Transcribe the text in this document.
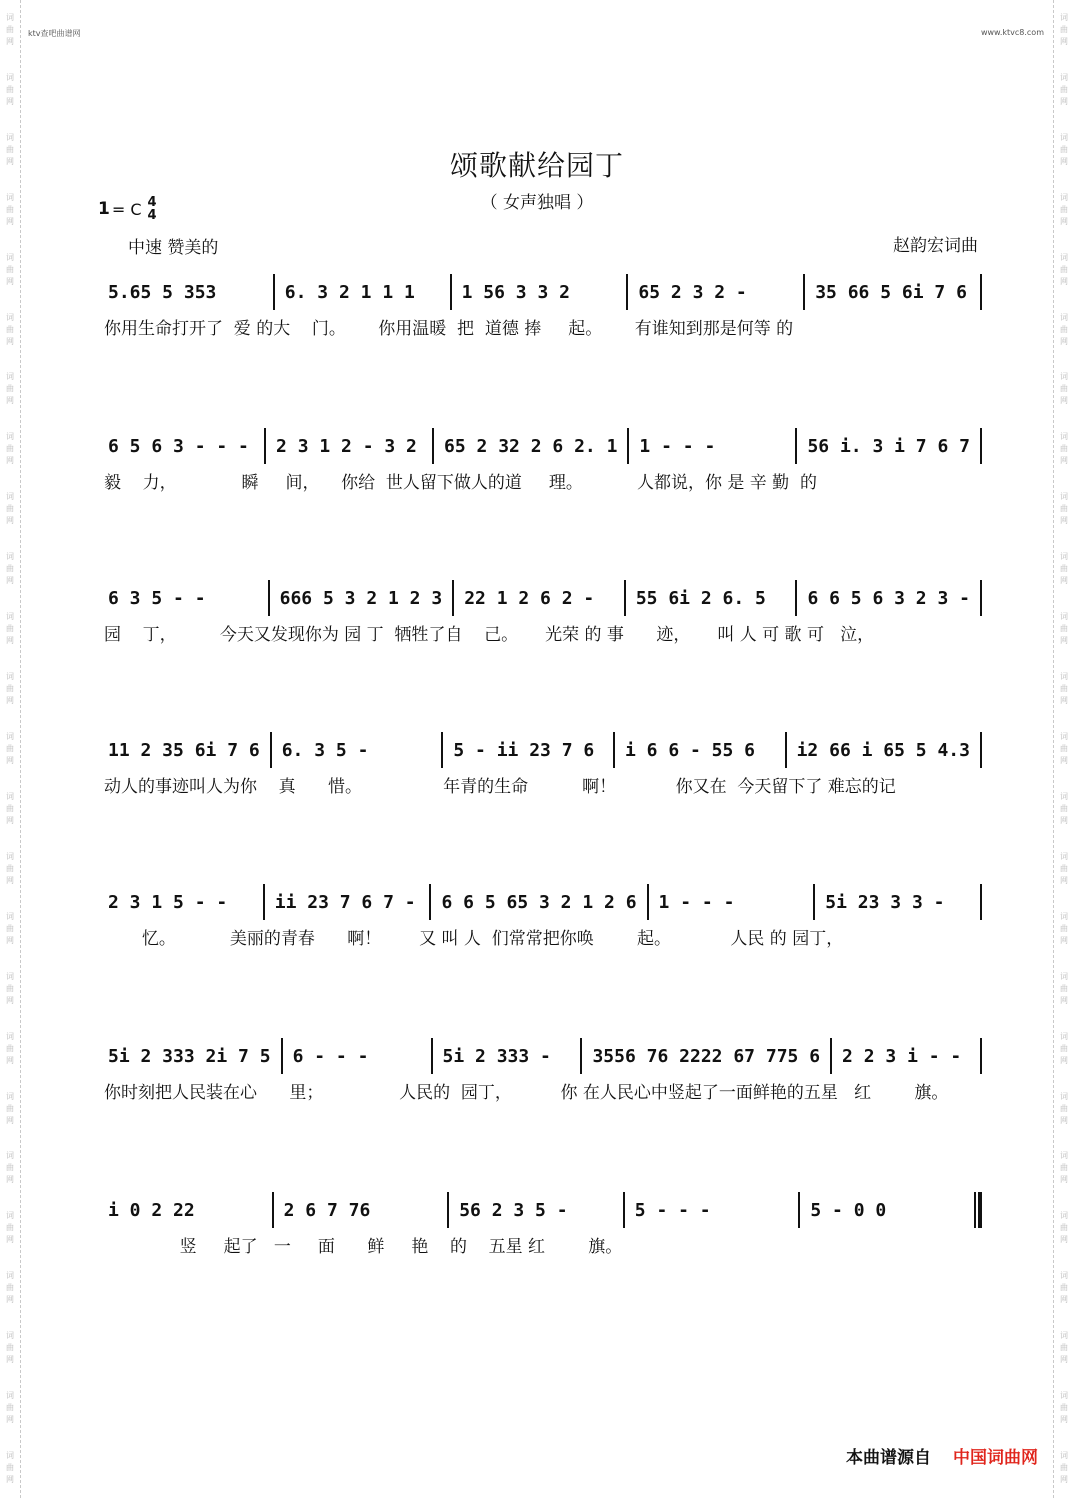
词
曲
网
词
曲
网
词
曲
网
词
曲
网
词
曲
网
词
曲
网
词
曲
网
词
曲
网
词
曲
网
词
曲
网
词
曲
网
词
曲
网
词
曲
网
词
曲
网
词
曲
网
词
曲
网
词
曲
网
词
曲
网
词
曲
网
词
曲
网
词
曲
网
词
曲
网
词
曲
网
词
曲
网
词
曲
网
词
曲
网
词
曲
网
词
曲
网
词
曲
网
词
曲
网
词
曲
网
词
曲
网
词
曲
网
词
曲
网
词
曲
网
词
曲
网
词
曲
网
词
曲
网
词
曲
网
词
曲
网
词
曲
网
词
曲
网
词
曲
网
词
曲
网
词
曲
网
词
曲
网
词
曲
网
词
曲
网
词
曲
网
词
曲
网
ktv查吧曲谱网	www.ktvc8.com
颂歌献给园丁
（ 女声独唱 ）
1 = C 4
4
中速 赞美的	赵韵宏词曲
5.65 5 353	6. 3 2 1 1 1	1 56 3 3 2	65 2 3 2 -	35 66 5 6i 7 6
你用生命打开了  爱 的大    门。      你用温暖  把  道德 捧     起。      有谁知到那是何等 的
6 5 6 3 - - -	2 3 1 2 - 3 2	65 2 32 2 6 2. 1	1 - - -	56 i. 3 i 7 6 7
毅    力，            瞬     间，    你给  世人留下做人的道     理。          人都说，你 是 辛 勤  的
6 3 5 - -	666 5 3 2 1 2 3	22 1 2 6 2 -	55 6i 2 6. 5	6 6 5 6 3 2 3 -
园    丁，        今天又发现你为 园 丁  牺牲了自    己。     光荣 的 事      迹，     叫 人 可 歌 可   泣，
11 2 35 6i 7 6	6. 3 5 -	5 - ii 23 7 6	i 6 6 - 55 6	i2 66 i 65 5 4.3
动人的事迹叫人为你    真      惜。               年青的生命          啊！           你又在  今天留下了 难忘的记
2 3 1 5 - -	ii 23 7 6 7 -	6 6 5 65 3 2 1 2 6	1 - - -	5i 23 3 3 -
忆。          美丽的青春      啊！       又 叫 人  们常常把你唤        起。           人民 的 园丁，
5i 2 333 2i 7 5	6 - - -	5i 2 333 -	3556 76 2222 67 775 6	2 2 3 i - -
你时刻把人民装在心      里；              人民的  园丁，         你 在人民心中竖起了一面鲜艳的五星   红        旗。
i 0 2 22	2 6 7 76	56 2 3 5 -	5 - - -	5 - 0 0
竖     起了   一     面      鲜     艳    的    五星 红        旗。
本曲谱源自 中国词曲网
